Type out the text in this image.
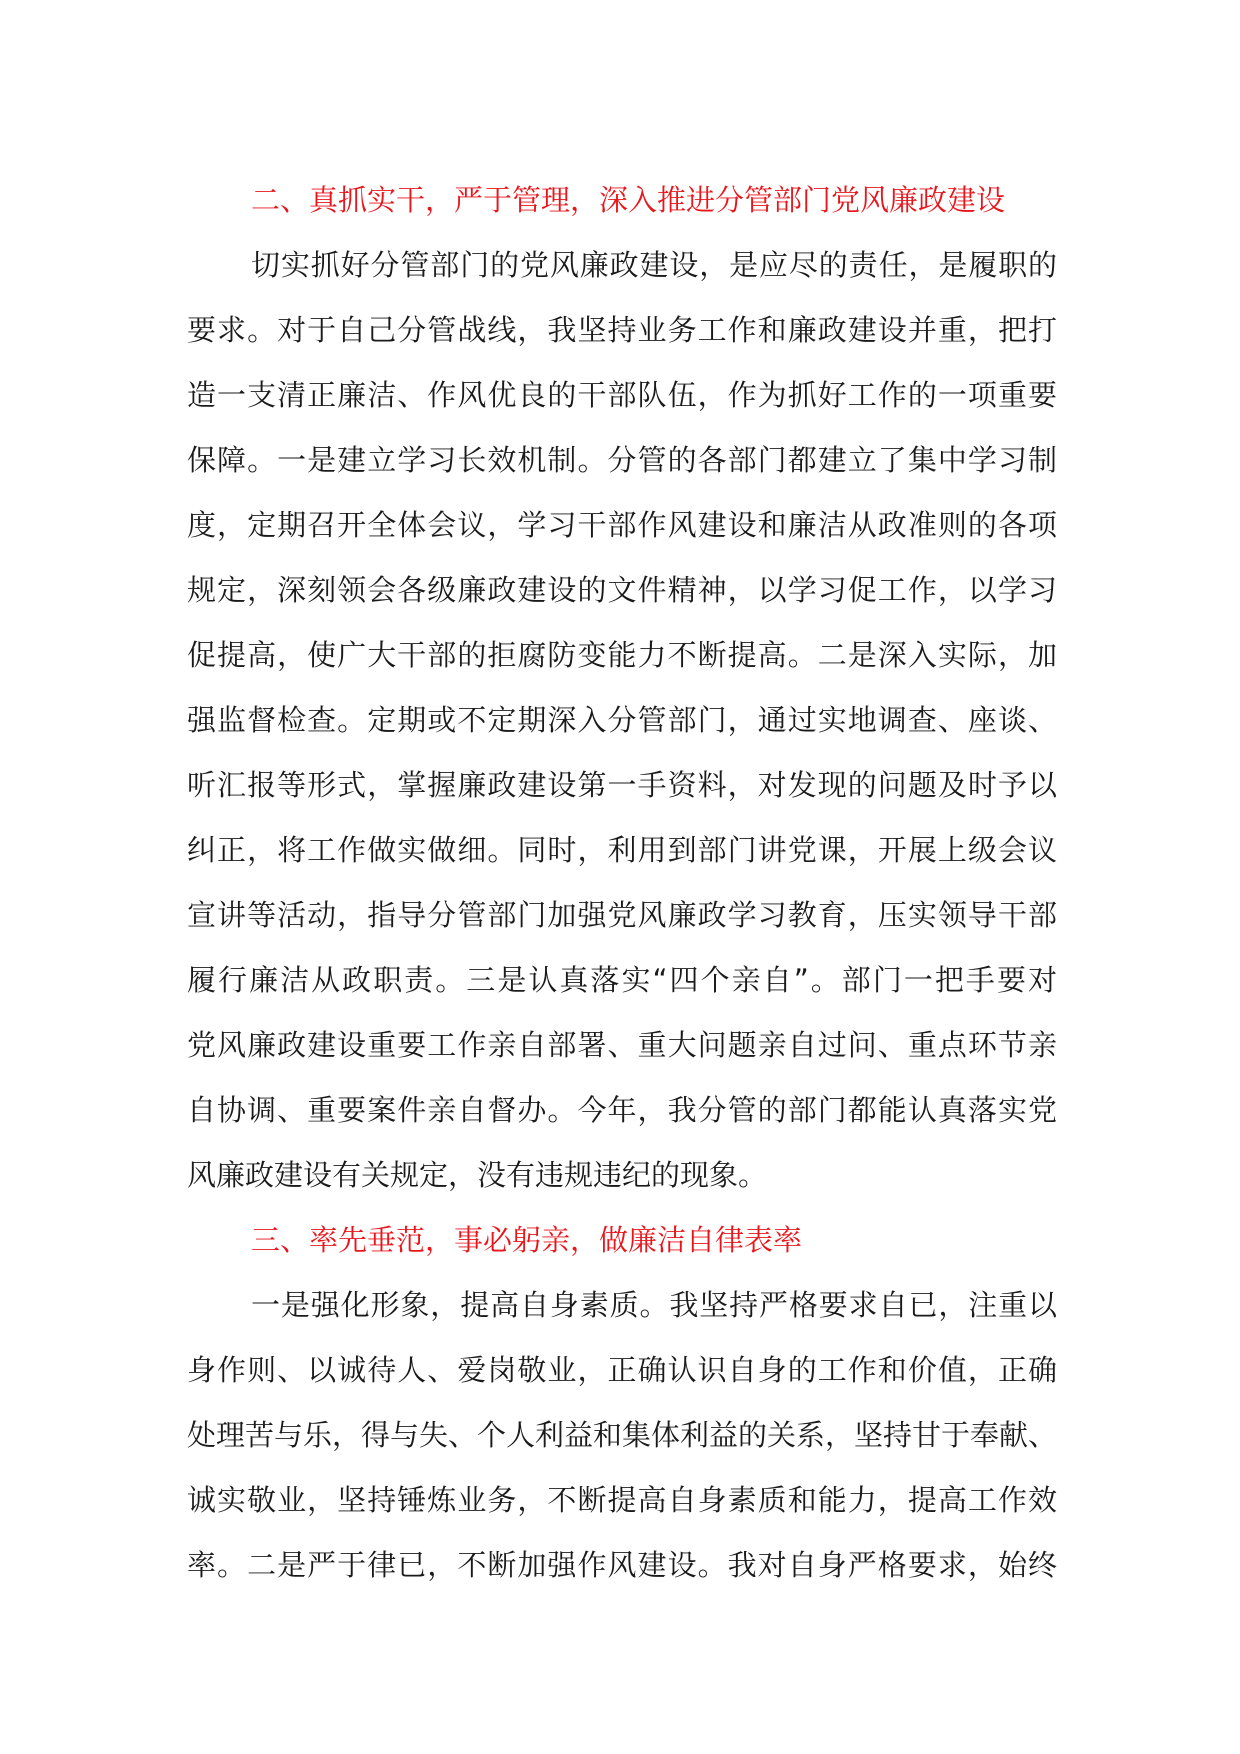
二、真抓实干，严于管理，深入推进分管部门党风廉政建设
切实抓好分管部门的党风廉政建设，是应尽的责任，是履职的
要求。对于自己分管战线，我坚持业务工作和廉政建设并重，把打
造一支清正廉洁、作风优良的干部队伍，作为抓好工作的一项重要
保障。一是建立学习长效机制。分管的各部门都建立了集中学习制
度，定期召开全体会议，学习干部作风建设和廉洁从政准则的各项
规定，深刻领会各级廉政建设的文件精神，以学习促工作，以学习
促提高，使广大干部的拒腐防变能力不断提高。二是深入实际，加
强监督检查。定期或不定期深入分管部门，通过实地调查、座谈、
听汇报等形式，掌握廉政建设第一手资料，对发现的问题及时予以
纠正，将工作做实做细。同时，利用到部门讲党课，开展上级会议
宣讲等活动，指导分管部门加强党风廉政学习教育，压实领导干部
履行廉洁从政职责。三是认真落实“四个亲自”。部门一把手要对
党风廉政建设重要工作亲自部署、重大问题亲自过问、重点环节亲
自协调、重要案件亲自督办。今年，我分管的部门都能认真落实党
风廉政建设有关规定，没有违规违纪的现象。
三、率先垂范，事必躬亲，做廉洁自律表率
一是强化形象，提高自身素质。我坚持严格要求自已，注重以
身作则、以诚待人、爱岗敬业，正确认识自身的工作和价值，正确
处理苦与乐，得与失、个人利益和集体利益的关系，坚持甘于奉献、
诚实敬业，坚持锤炼业务，不断提高自身素质和能力，提高工作效
率。二是严于律已，不断加强作风建设。我对自身严格要求，始终
